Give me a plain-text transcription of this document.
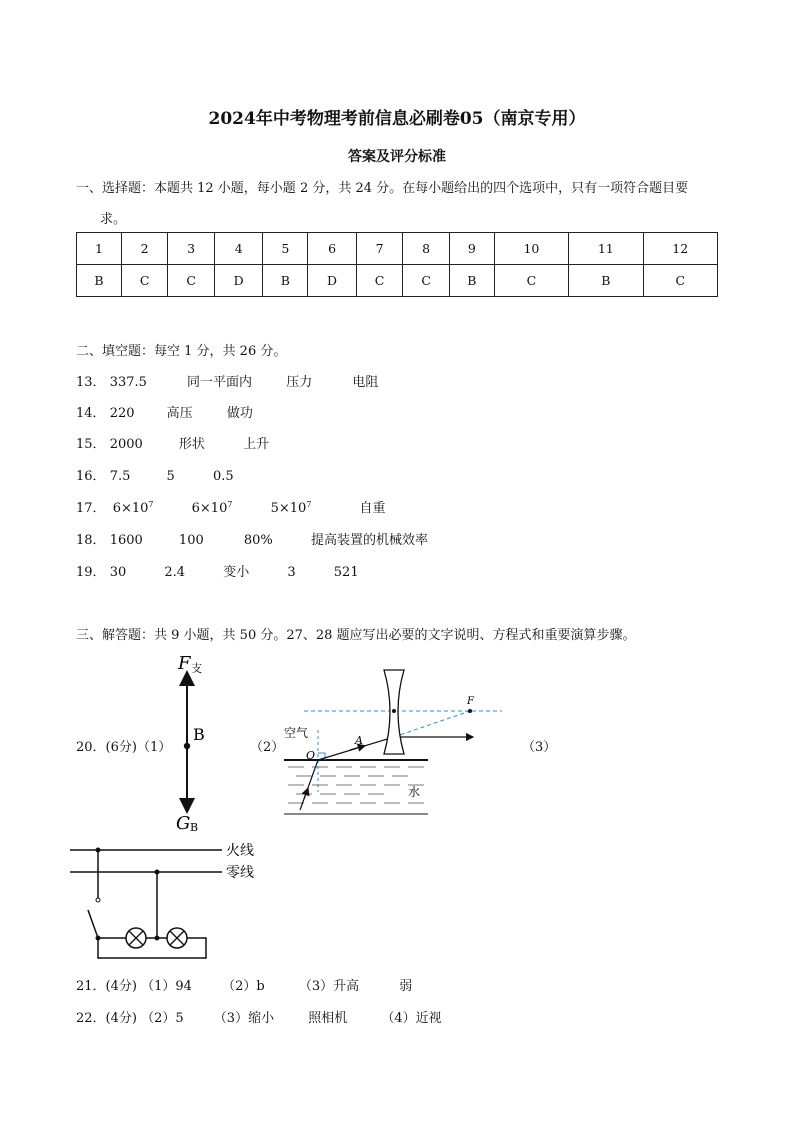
2024年中考物理考前信息必刷卷05（南京专用）
答案及评分标准
一、选择题：本题共 12 小题，每小题 2 分，共 24 分。在每小题给出的四个选项中，只有一项符合题目要
求。
1	2	3	4	5	6	7	8	9	10	11	12
B	C	C	D	B	D	C	C	B	C	B	C
二、填空题：每空 1 分，共 26 分。
13． 337.5	同一平面内	压力	电阻
14． 220 高压	做功
15． 2000	形状	上升
16． 7.5	5	0.5
17． 6×107	6×107	5×107	自重
18． 1600	100	80%	提高装置的机械效率
19． 30	2.4	变小	3	521
三、解答题：共 9 小题，共 50 分。27、28 题应写出必要的文字说明、方程式和重要演算步骤。
20．(6分)（1）	（2）	（3）
F 支
B
G B
空气
水
O
A
F
火线
零线
21．(4分) （1）94 （2）b	（3）升高	弱
22．(4分) （2）5 （3）缩小	照相机	（4）近视
